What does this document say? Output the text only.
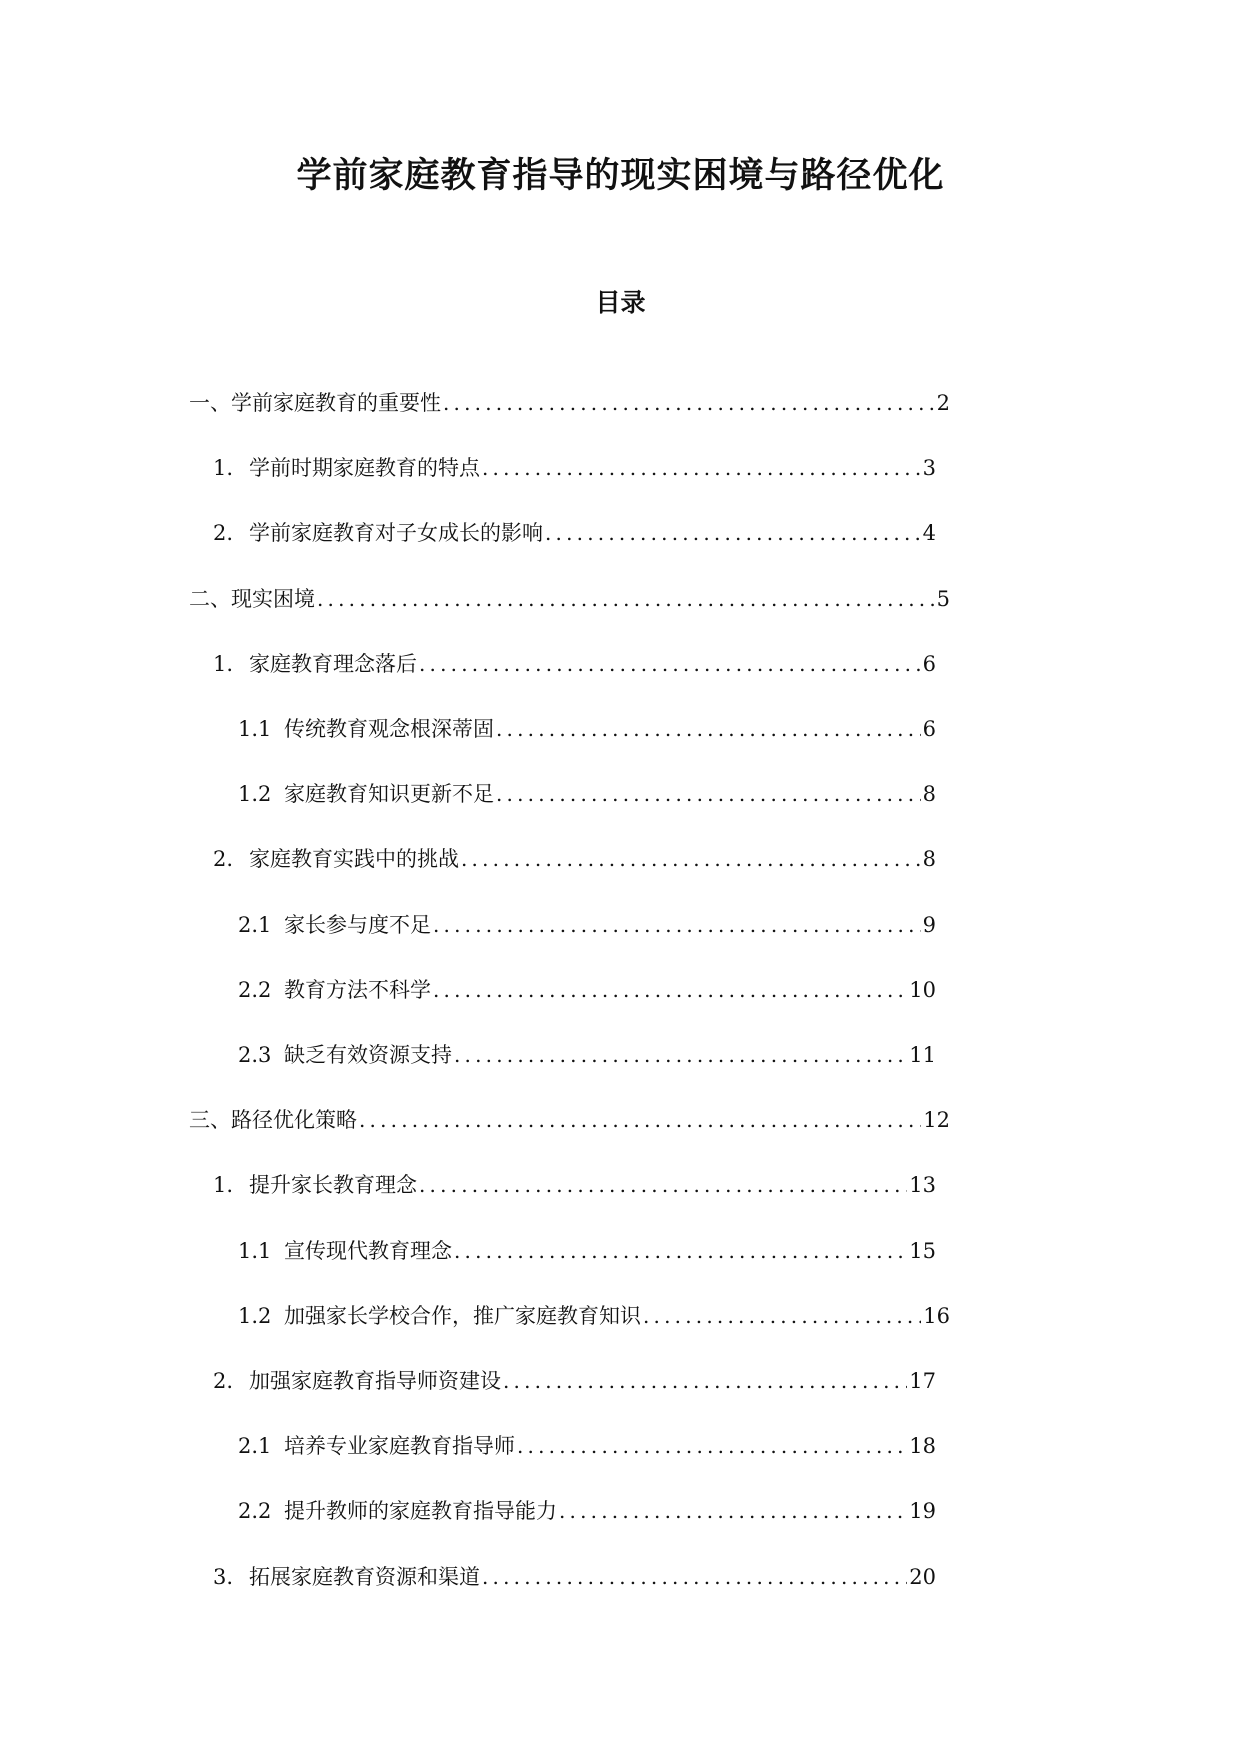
学前家庭教育指导的现实困境与路径优化
目录
一、学前家庭教育的重要性 .....	2
1. 学前时期家庭教育的特点 .....	3
2. 学前家庭教育对子女成长的影响 .....	4
二、现实困境 .....	5
1. 家庭教育理念落后 .....	6
1.1 传统教育观念根深蒂固 .....	6
1.2 家庭教育知识更新不足 .....	8
2. 家庭教育实践中的挑战 .....	8
2.1 家长参与度不足 .....	9
2.2 教育方法不科学 .....	10
2.3 缺乏有效资源支持 .....	11
三、路径优化策略 .....	12
1. 提升家长教育理念 .....	13
1.1 宣传现代教育理念 .....	15
1.2 加强家长学校合作，推广家庭教育知识 .....	16
2. 加强家庭教育指导师资建设 .....	17
2.1 培养专业家庭教育指导师 .....	18
2.2 提升教师的家庭教育指导能力 .....	19
3. 拓展家庭教育资源和渠道 .....	20
